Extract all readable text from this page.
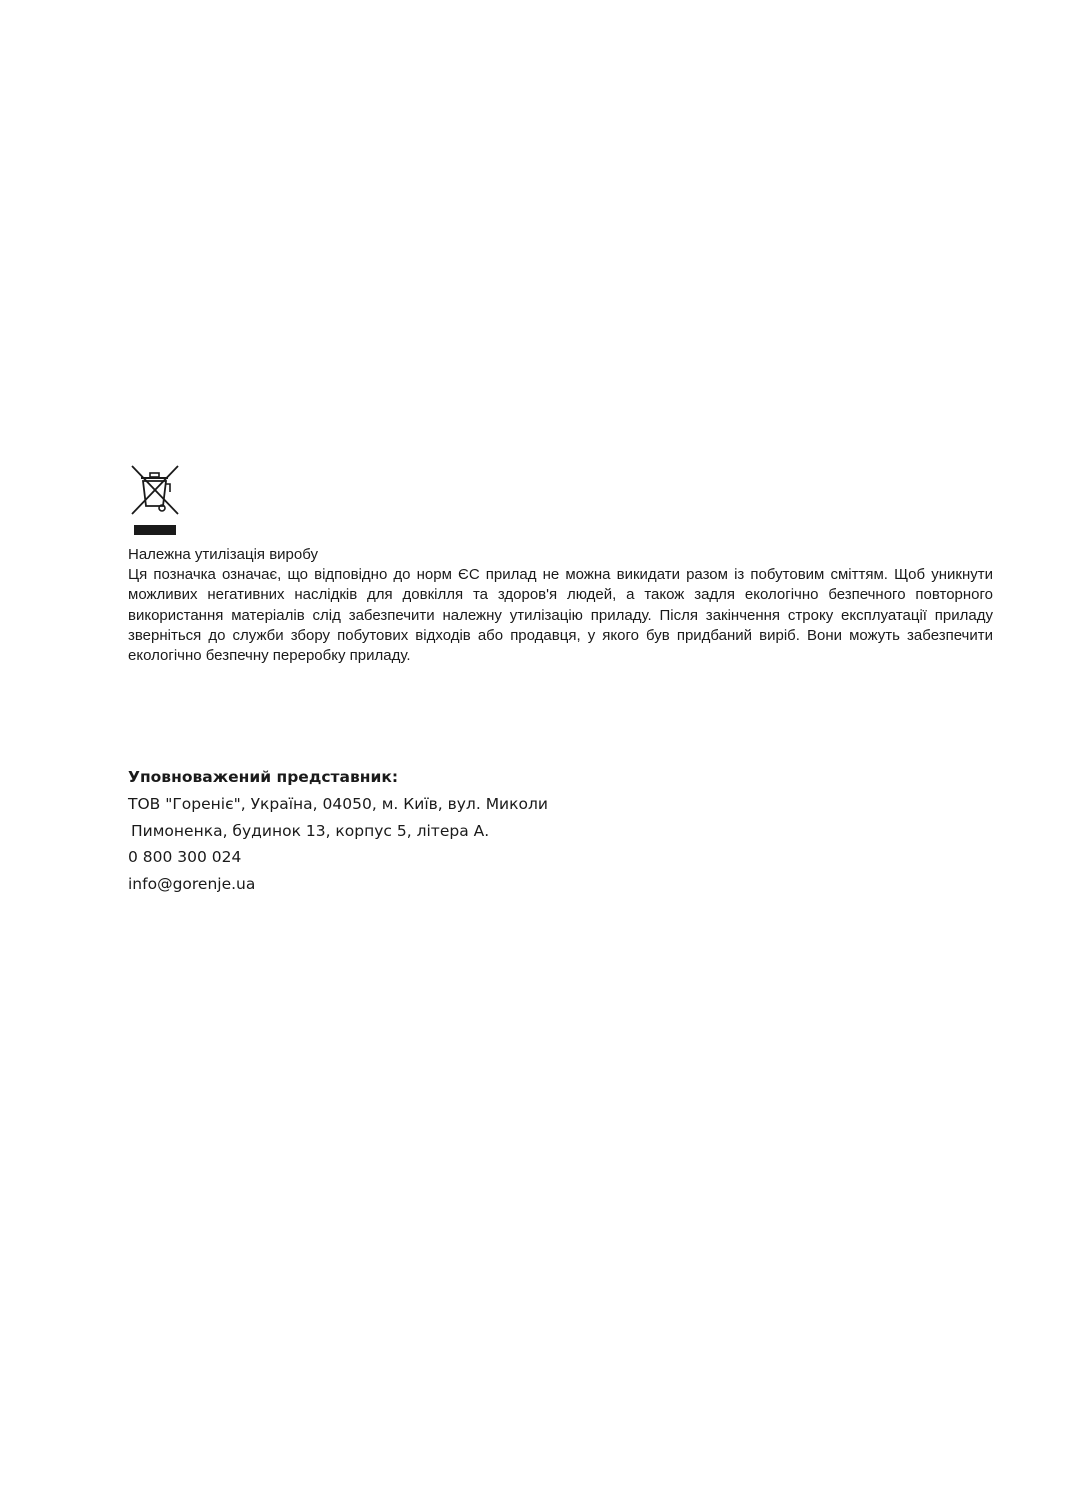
Належна утилізація виробу

Ця позначка означає, що відповідно до норм ЄС прилад не можна викидати разом із побутовим сміттям. Щоб уникнути можливих негативних наслідків для довкілля та здоров'я людей, а також задля екологічно безпечного повторного використання матеріалів слід забезпечити належну утилізацію приладу. Після закінчення строку експлуатації приладу зверніться до служби збору побутових відходів або продавця, у якого був придбаний виріб. Вони можуть забезпечити екологічно безпечну переробку приладу.

Уповноважений представник:

ТОВ "Горенiє", Україна, 04050, м. Київ, вул. Миколи

Пимоненка, будинок 13, корпус 5, літера А.

0 800 300 024

info@gorenje.ua
